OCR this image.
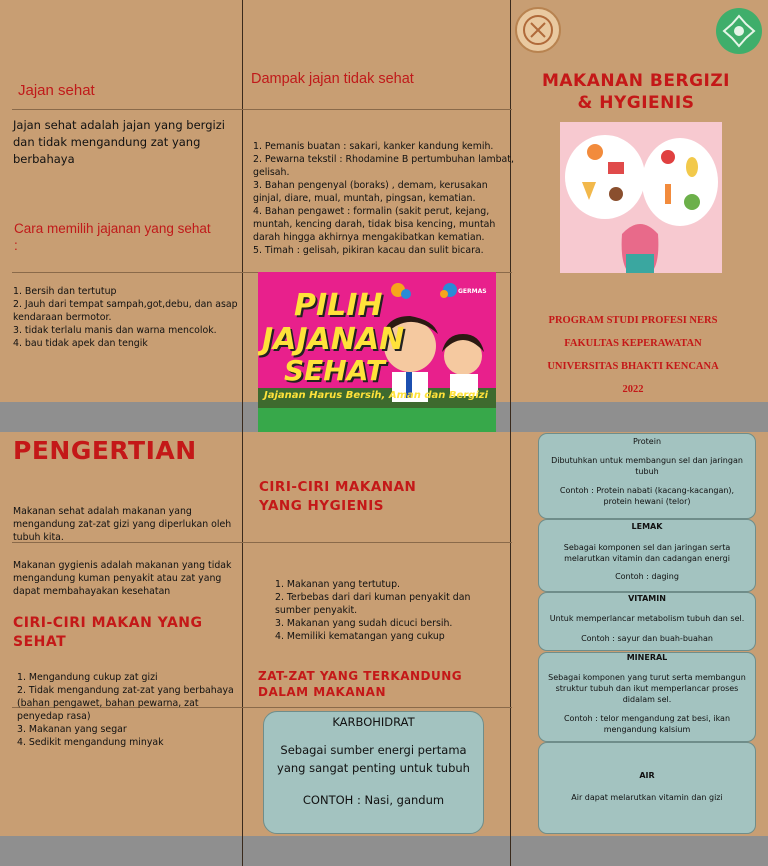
Jajan sehat
Jajan sehat adalah jajan yang bergizi dan tidak mengandung zat yang berbahaya
Cara memilih jajanan yang sehat
:
1. Bersih dan tertutup
2. Jauh dari tempat sampah,got,debu, dan asap kendaraan bermotor.
3. tidak terlalu manis dan warna mencolok.
4. bau tidak apek dan tengik
Dampak jajan tidak sehat
1. Pemanis buatan : sakari, kanker kandung kemih.
2. Pewarna tekstil : Rhodamine B pertumbuhan lambat, gelisah.
3. Bahan pengenyal (boraks) , demam, kerusakan ginjal, diare, mual, muntah, pingsan, kematian.
4. Bahan pengawet : formalin (sakit perut, kejang, muntah, kencing darah, tidak bisa kencing, muntah darah hingga akhirnya mengakibatkan kematian.
5. Timah : gelisah, pikiran kacau dan sulit bicara.
GERMAS
PILIH
JAJANAN
SEHAT
Jajanan Harus Bersih, Aman dan Bergizi
MAKANAN BERGIZI
& HYGIENIS
PROGRAM STUDI PROFESI NERS
FAKULTAS KEPERAWATAN
UNIVERSITAS BHAKTI KENCANA
2022
PENGERTIAN
Makanan sehat adalah makanan yang mengandung zat-zat gizi yang diperlukan oleh tubuh kita.
Makanan gygienis adalah makanan yang tidak mengandung kuman penyakit atau zat yang dapat membahayakan kesehatan
CIRI-CIRI MAKAN YANG SEHAT
1. Mengandung cukup zat gizi
2. Tidak mengandung zat-zat yang berbahaya (bahan pengawet, bahan pewarna, zat penyedap rasa)
3. Makanan yang segar
4. Sedikit mengandung minyak
CIRI-CIRI MAKANAN YANG HYGIENIS
1. Makanan yang tertutup.
2. Terbebas dari dari kuman penyakit dan sumber penyakit.
3. Makanan yang sudah dicuci bersih.
4. Memiliki kematangan yang cukup
ZAT-ZAT YANG TERKANDUNG DALAM MAKANAN
KARBOHIDRAT
Sebagai sumber energi pertama yang sangat penting untuk tubuh
CONTOH : Nasi, gandum
Protein
Dibutuhkan untuk membangun sel dan jaringan tubuh
Contoh : Protein nabati (kacang-kacangan), protein hewani (telor)
LEMAK
Sebagai komponen sel dan jaringan serta melarutkan vitamin dan cadangan energi
Contoh : daging
VITAMIN
Untuk memperlancar metabolism tubuh dan sel.
Contoh : sayur dan buah-buahan
MINERAL
Sebagai komponen yang turut serta membangun struktur tubuh dan ikut memperlancar proses didalam sel.
Contoh : telor mengandung zat besi, ikan mengandung kalsium
AIR
Air dapat melarutkan vitamin dan gizi
